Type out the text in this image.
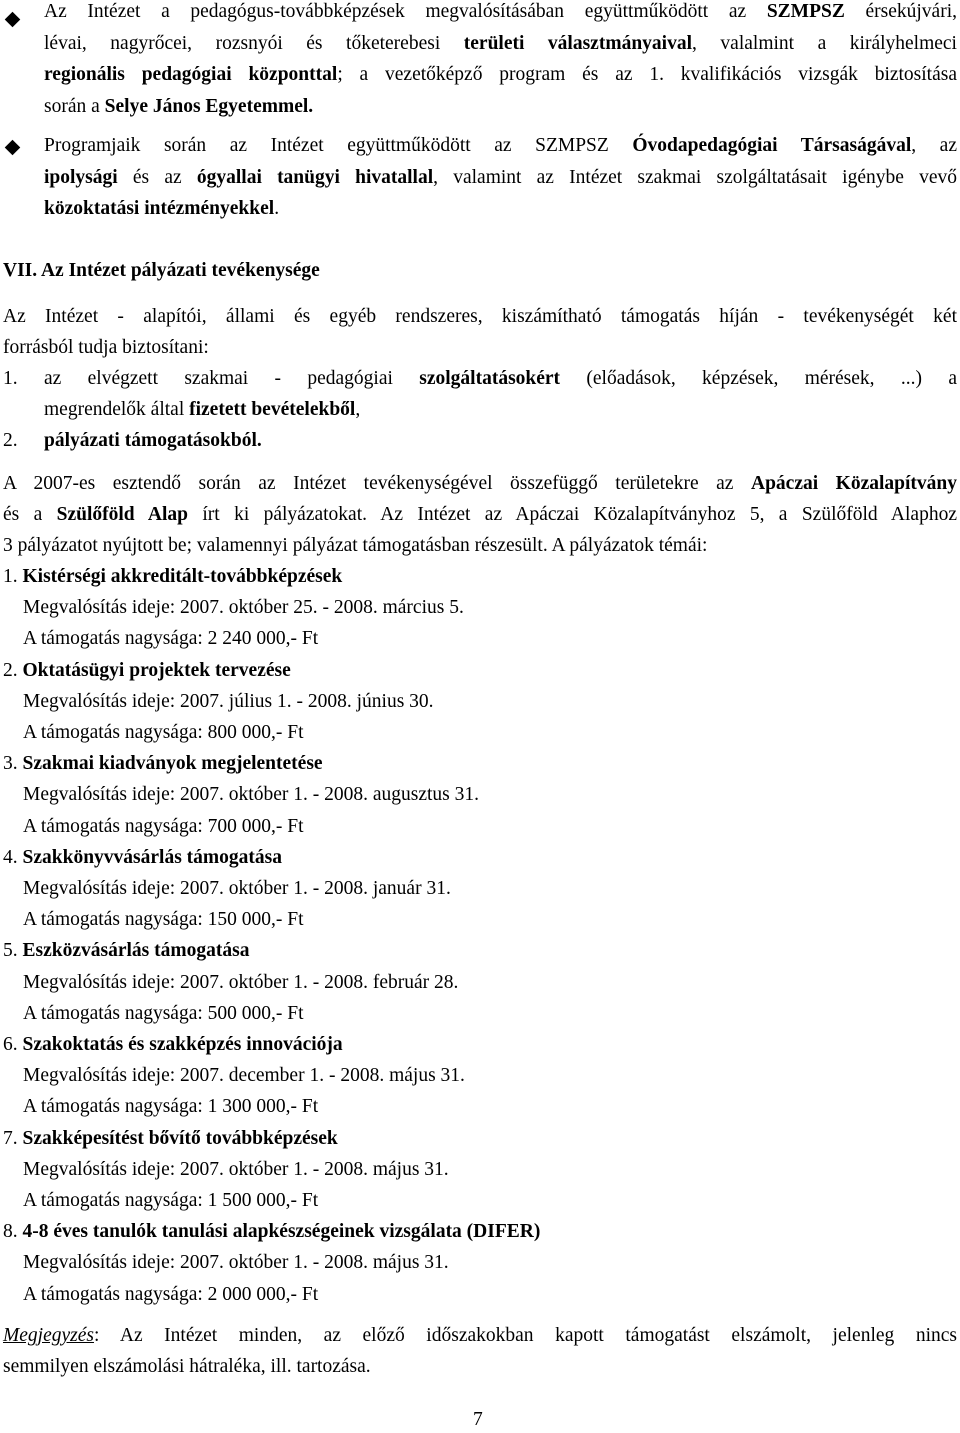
Az Intézet a pedagógus-továbbképzések megvalósításában együttműködött az SZMPSZ érsekújvári,
lévai, nagyrőcei, rozsnyói és tőketerebesi területi választmányaival, valalmint a királyhelmeci
regionális pedagógiai központtal; a vezetőképző program és az 1. kvalifikációs vizsgák biztosítása
során a Selye János Egyetemmel.
Programjaik során az Intézet együttműködött az SZMPSZ Óvodapedagógiai Társaságával, az
ipolysági és az ógyallai tanügyi hivatallal, valamint az Intézet szakmai szolgáltatásait igénybe vevő
közoktatási intézményekkel.
VII. Az Intézet pályázati tevékenysége
Az Intézet - alapítói, állami és egyéb rendszeres, kiszámítható támogatás híján - tevékenységét két
forrásból tudja biztosítani:
1. az elvégzett szakmai - pedagógiai szolgáltatásokért (előadások, képzések, mérések, ...) a
megrendelők által fizetett bevételekből,
2. pályázati támogatásokból.
A 2007-es esztendő során az Intézet tevékenységével összefüggő területekre az Apáczai Közalapítvány
és a Szülőföld Alap írt ki pályázatokat. Az Intézet az Apáczai Közalapítványhoz 5, a Szülőföld Alaphoz
3 pályázatot nyújtott be; valamennyi pályázat támogatásban részesült. A pályázatok témái:
1. Kistérségi akkreditált-továbbképzések
Megvalósítás ideje: 2007. október 25. - 2008. március 5.
A támogatás nagysága: 2 240 000,- Ft
2. Oktatásügyi projektek tervezése
Megvalósítás ideje: 2007. július 1. - 2008. június 30.
A támogatás nagysága: 800 000,- Ft
3. Szakmai kiadványok megjelentetése
Megvalósítás ideje: 2007. október 1. - 2008. augusztus 31.
A támogatás nagysága: 700 000,- Ft
4. Szakkönyvvásárlás támogatása
Megvalósítás ideje: 2007. október 1. - 2008. január 31.
A támogatás nagysága: 150 000,- Ft
5. Eszközvásárlás támogatása
Megvalósítás ideje: 2007. október 1. - 2008. február 28.
A támogatás nagysága: 500 000,- Ft
6. Szakoktatás és szakképzés innovációja
Megvalósítás ideje: 2007. december 1. - 2008. május 31.
A támogatás nagysága: 1 300 000,- Ft
7. Szakképesítést bővítő továbbképzések
Megvalósítás ideje: 2007. október 1. - 2008. május 31.
A támogatás nagysága: 1 500 000,- Ft
8. 4-8 éves tanulók tanulási alapkészségeinek vizsgálata (DIFER)
Megvalósítás ideje: 2007. október 1. - 2008. május 31.
A támogatás nagysága: 2 000 000,- Ft
Megjegyzés: Az Intézet minden, az előző időszakokban kapott támogatást elszámolt, jelenleg nincs
semmilyen elszámolási hátraléka, ill. tartozása.
7
